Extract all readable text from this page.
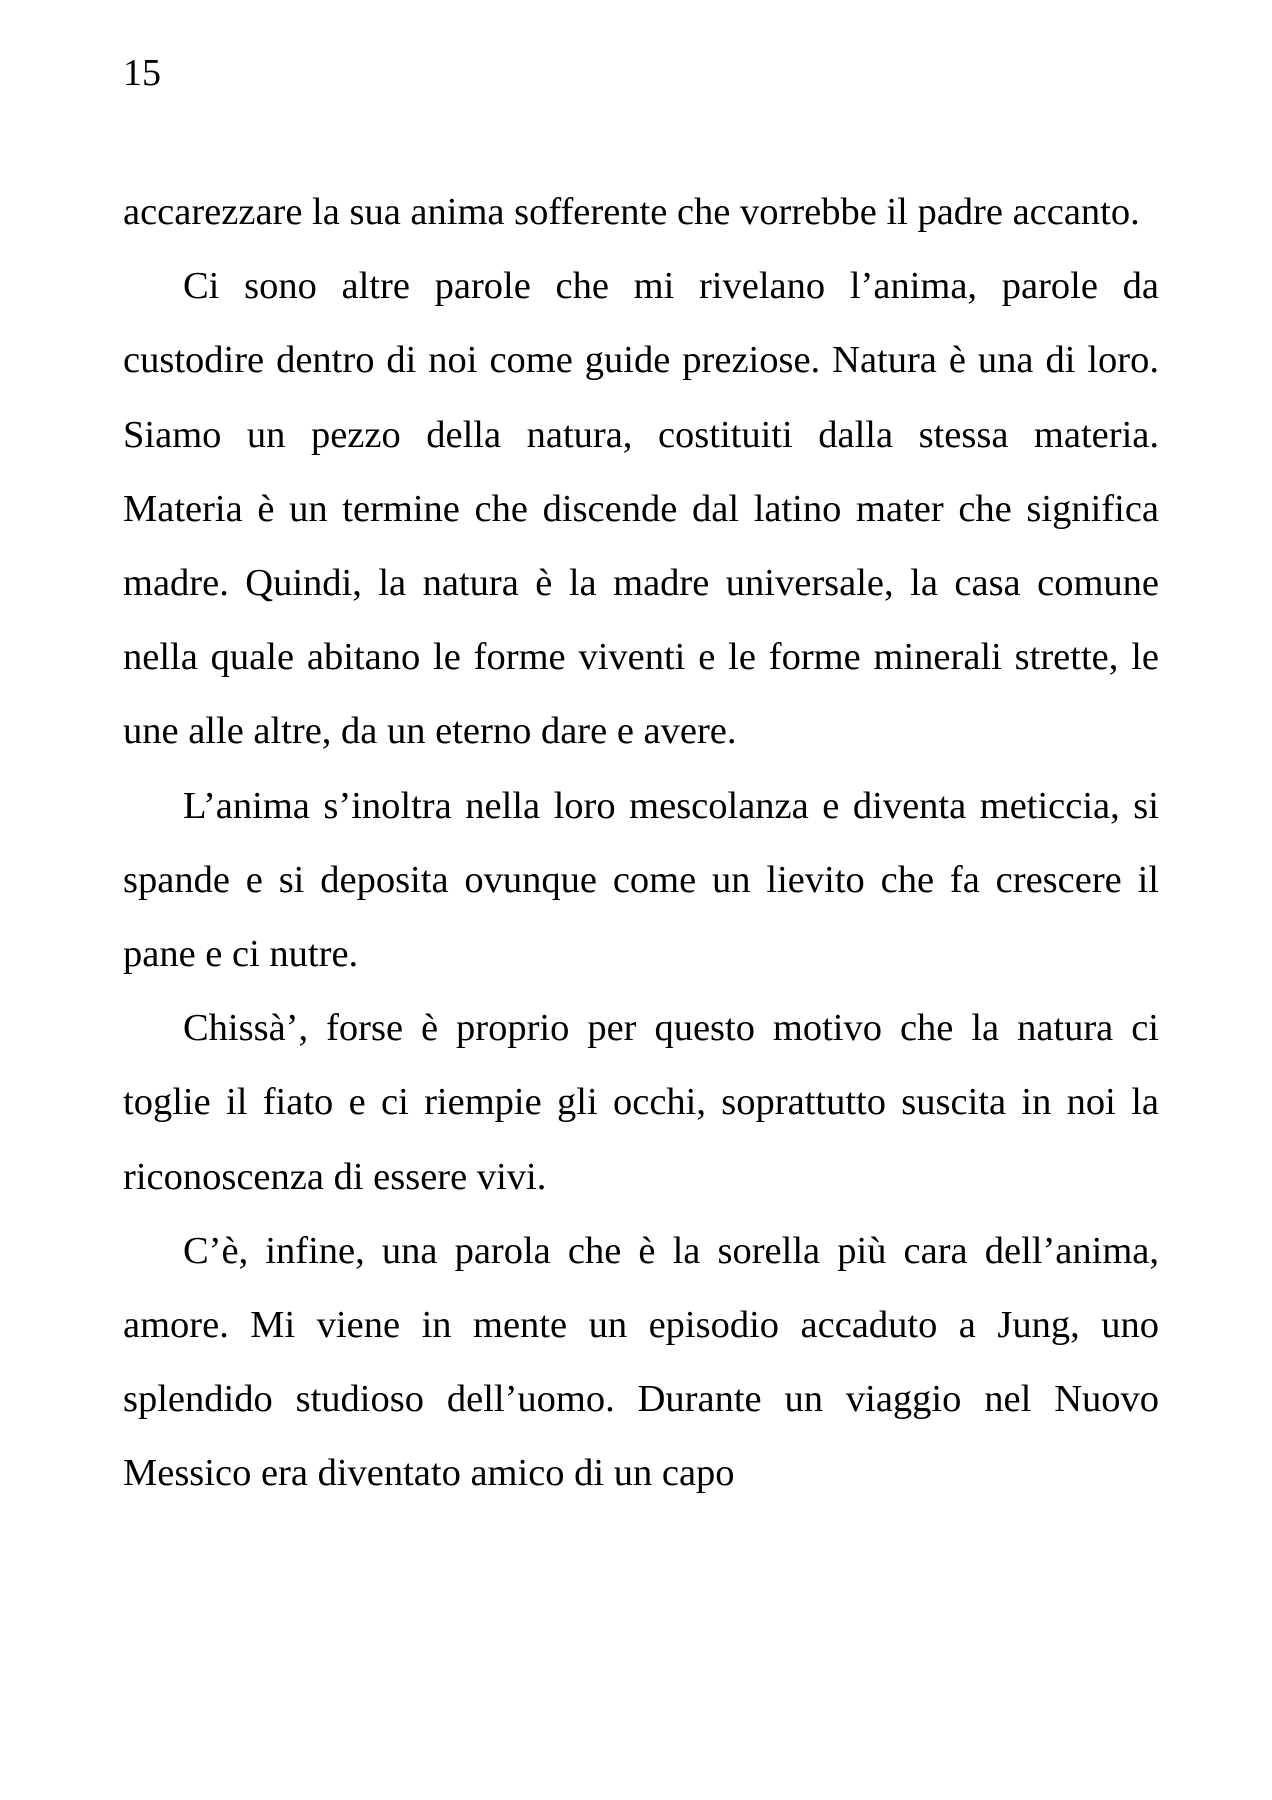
15

accarezzare la sua anima sofferente che vorrebbe il padre accanto.

Ci sono altre parole che mi rivelano l’anima, parole da custodire dentro di noi come guide preziose. Natura è una di loro. Siamo un pezzo della natura, costituiti dalla stessa materia. Materia è un termine che discende dal latino mater che significa madre. Quindi, la natura è la madre universale, la casa comune nella quale abitano le forme viventi e le forme minerali strette, le une alle altre, da un eterno dare e avere.

L’anima s’inoltra nella loro mescolanza e diventa meticcia, si spande e si deposita ovunque come un lievito che fa crescere il pane e ci nutre.

Chissà’, forse è proprio per questo motivo che la natura ci toglie il fiato e ci riempie gli occhi, soprattutto suscita in noi la riconoscenza di essere vivi.

C’è, infine, una parola che è la sorella più cara dell’anima, amore. Mi viene in mente un episodio accaduto a Jung, uno splendido studioso dell’uomo. Durante un viaggio nel Nuovo Messico era diventato amico di un capo
